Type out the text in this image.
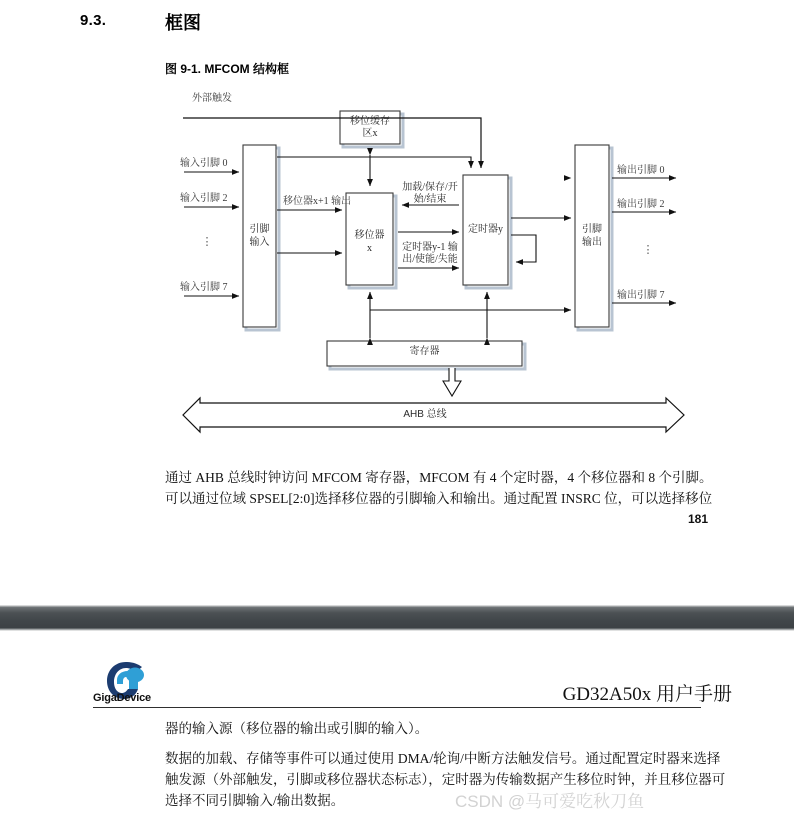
9.3.	框图
图 9-1. MFCOM 结构框
外部触发
输入引脚 0
输入引脚 2
⋮
输入引脚 7
引脚
输入
移位缓存
区x
移位器x+1 输出
移位器
x
加载/保存/开
始/结束
定时器y-1 输
出/使能/失能
定时器y	引脚
输出
输出引脚 0
输出引脚 2
⋮
输出引脚 7
寄存器
AHB 总线
通过 AHB 总线时钟访问 MFCOM 寄存器，MFCOM 有 4 个定时器，4 个移位器和 8 个引脚。
可以通过位域 SPSEL[2:0]选择移位器的引脚输入和输出。通过配置 INSRC 位，可以选择移位
181
GigaDevice	GD32A50x 用户手册
器的输入源（移位器的输出或引脚的输入）。
数据的加载、存储等事件可以通过使用 DMA/轮询/中断方法触发信号。通过配置定时器来选择
触发源（外部触发，引脚或移位器状态标志），定时器为传输数据产生移位时钟，并且移位器可
选择不同引脚输入/输出数据。	CSDN @马可爱吃秋刀鱼
